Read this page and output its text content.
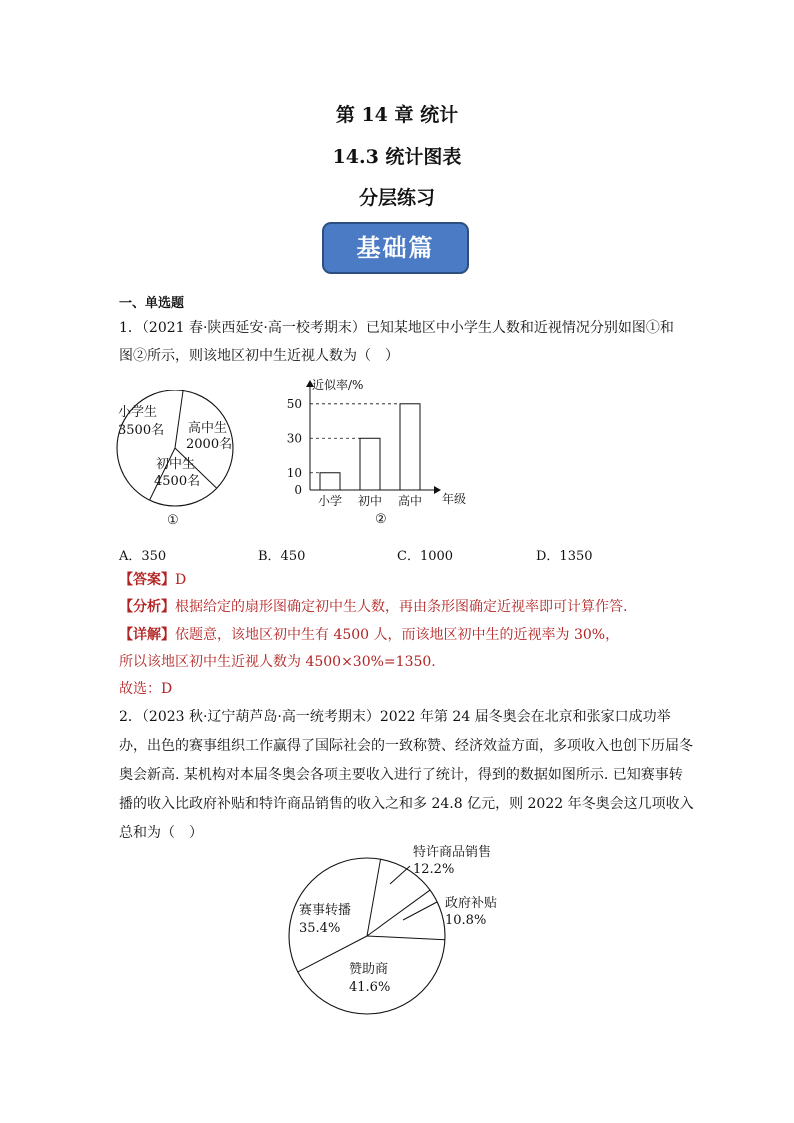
第 14 章 统计
14.3 统计图表
分层练习
基础篇
一、单选题
1．（2021 春·陕西延安·高一校考期末）已知某地区中小学生人数和近视情况分别如图①和
图②所示，则该地区初中生近视人数为（　）
小学生
3500名 高中生
2000名
初中生
4500名
①
0
10
30
50
近似率/%
年级
小学 初中 高中
②
A．350	B．450	C．1000	D．1350
【答案】D
【分析】根据给定的扇形图确定初中生人数，再由条形图确定近视率即可计算作答.
【详解】依题意，该地区初中生有 4500 人，而该地区初中生的近视率为 30%，
所以该地区初中生近视人数为 4500×30%=1350.
故选：D
2．（2023 秋·辽宁葫芦岛·高一统考期末）2022 年第 24 届冬奥会在北京和张家口成功举办，出色的赛事组织工作赢得了国际社会的一致称赞、经济效益方面，多项收入也创下历届冬奥会新高. 某机构对本届冬奥会各项主要收入进行了统计，得到的数据如图所示. 已知赛事转播的收入比政府补贴和特许商品销售的收入之和多 24.8 亿元，则 2022 年冬奥会这几项收入总和为（　）
特许商品销售
12.2%
政府补贴
10.8%
赞助商
41.6%
赛事转播
35.4%
